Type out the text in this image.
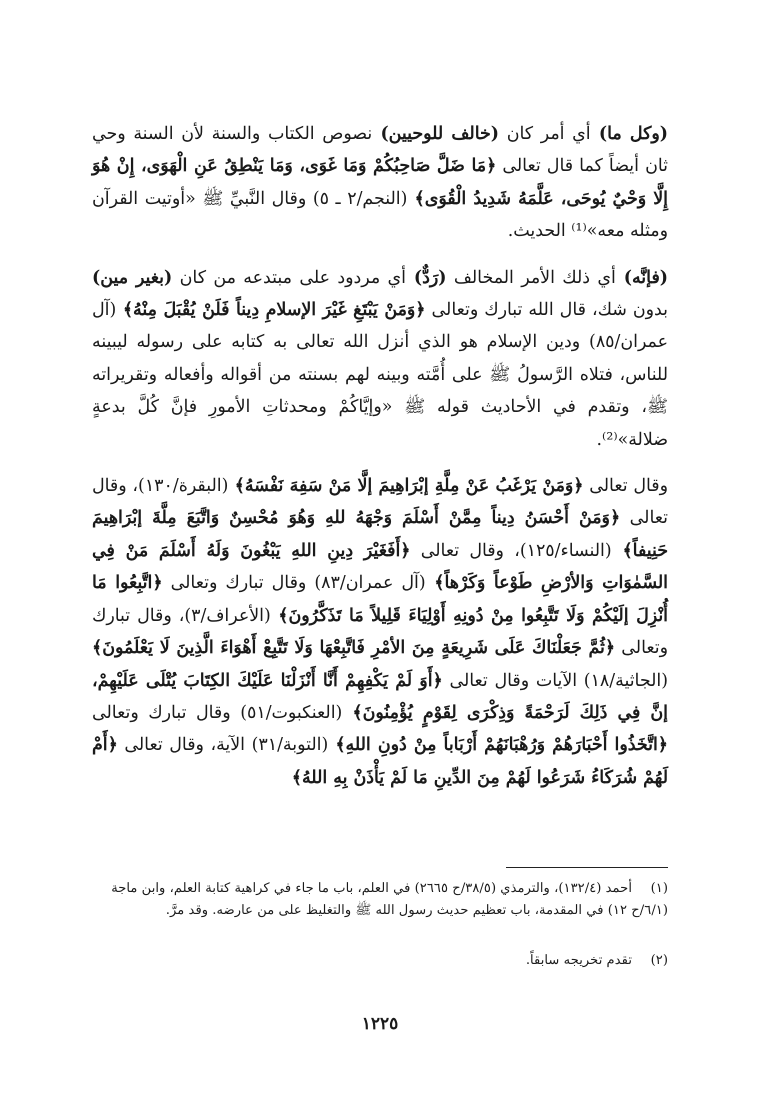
(وكل ما) أي أمر كان (خالف للوحيين) نصوص الكتاب والسنة لأن السنة وحي ثان أيضاً كما قال تعالى ﴿مَا ضَلَّ صَاحِبُكُمْ وَمَا غَوَى، وَمَا يَنْطِقُ عَنِ الْهَوَى، إِنْ هُوَ إِلَّا وَحْيٌ يُوحَى، عَلَّمَهُ شَدِيدُ الْقُوَى﴾ (النجم/٢ ـ ٥) وقال النَّبيِّ ﷺ «أوتيت القرآن ومثله معه»⁽¹⁾ الحديث.

(فإنَّه) أي ذلك الأمر المخالف (رَدٌّ) أي مردود على مبتدعه من كان (بغير مين) بدون شك، قال الله تبارك وتعالى ﴿وَمَنْ يَبْتَغِ غَيْرَ الإسلامِ دِيناً فَلَنْ يُقْبَلَ مِنْهُ﴾ (آل عمران/٨٥) ودين الإسلام هو الذي أنزل الله تعالى به كتابه على رسوله ليبينه للناس، فتلاه الرَّسولُ ﷺ على أُمَّته وبينه لهم بسنته من أقواله وأفعاله وتقريراته ﷺ، وتقدم في الأحاديث قوله ﷺ «وإيَّاكُمْ ومحدثاتِ الأمورِ فإنَّ كُلَّ بدعةٍ ضلالة»⁽²⁾.

وقال تعالى ﴿وَمَنْ يَرْغَبُ عَنْ مِلَّةِ إبْرَاهِيمَ إلَّا مَنْ سَفِهَ نَفْسَهُ﴾ (البقرة/١٣٠)، وقال تعالى ﴿وَمَنْ أَحْسَنُ دِيناً مِمَّنْ أَسْلَمَ وَجْهَهُ للهِ وَهُوَ مُحْسِنٌ وَاتَّبَعَ مِلَّةَ إبْرَاهِيمَ حَنِيفاً﴾ (النساء/١٢٥)، وقال تعالى ﴿أَفَغَيْرَ دِينِ اللهِ يَبْغُونَ وَلَهُ أَسْلَمَ مَنْ فِي السَّمٰوَاتِ وَالأرْضِ طَوْعاً وَكَرْهاً﴾ (آل عمران/٨٣) وقال تبارك وتعالى ﴿اتَّبِعُوا مَا أُنْزِلَ إلَيْكُمْ وَلَا تَتَّبِعُوا مِنْ دُونِهِ أَوْلِيَاءَ قَلِيلاً مَا تَذَكَّرُونَ﴾ (الأعراف/٣)، وقال تبارك وتعالى ﴿ثُمَّ جَعَلْنَاكَ عَلَى شَرِيعَةٍ مِنَ الأمْرِ فَاتَّبِعْهَا وَلَا تَتَّبِعْ أَهْوَاءَ الَّذِينَ لَا يَعْلَمُونَ﴾ (الجاثية/١٨) الآيات وقال تعالى ﴿أَوَ لَمْ يَكْفِهِمْ أَنَّا أَنْزَلْنَا عَلَيْكَ الكِتَابَ يُتْلَى عَلَيْهِمْ، إنَّ فِي ذَلِكَ لَرَحْمَةً وَذِكْرَى لِقَوْمٍ يُؤْمِنُونَ﴾ (العنكبوت/٥١) وقال تبارك وتعالى ﴿اتَّخَذُوا أَحْبَارَهُمْ وَرُهْبَانَهُمْ أَرْبَاباً مِنْ دُونِ اللهِ﴾ (التوبة/٣١) الآية، وقال تعالى ﴿أَمْ لَهُمْ شُرَكَاءُ شَرَعُوا لَهُمْ مِنَ الدِّينِ مَا لَمْ يَأْذَنْ بِهِ اللهُ﴾

(١)أحمد (١٣٢/٤)، والترمذي (٣٨/٥/ح ٢٦٦٥) في العلم، باب ما جاء في كراهية كتابة العلم، وابن ماجة (٦/١/ح ١٢) في المقدمة، باب تعظيم حديث رسول الله ﷺ والتغليظ على من عارضه. وقد مرَّ.
(٢)تقدم تخريجه سابقاً.
١٢٢٥
